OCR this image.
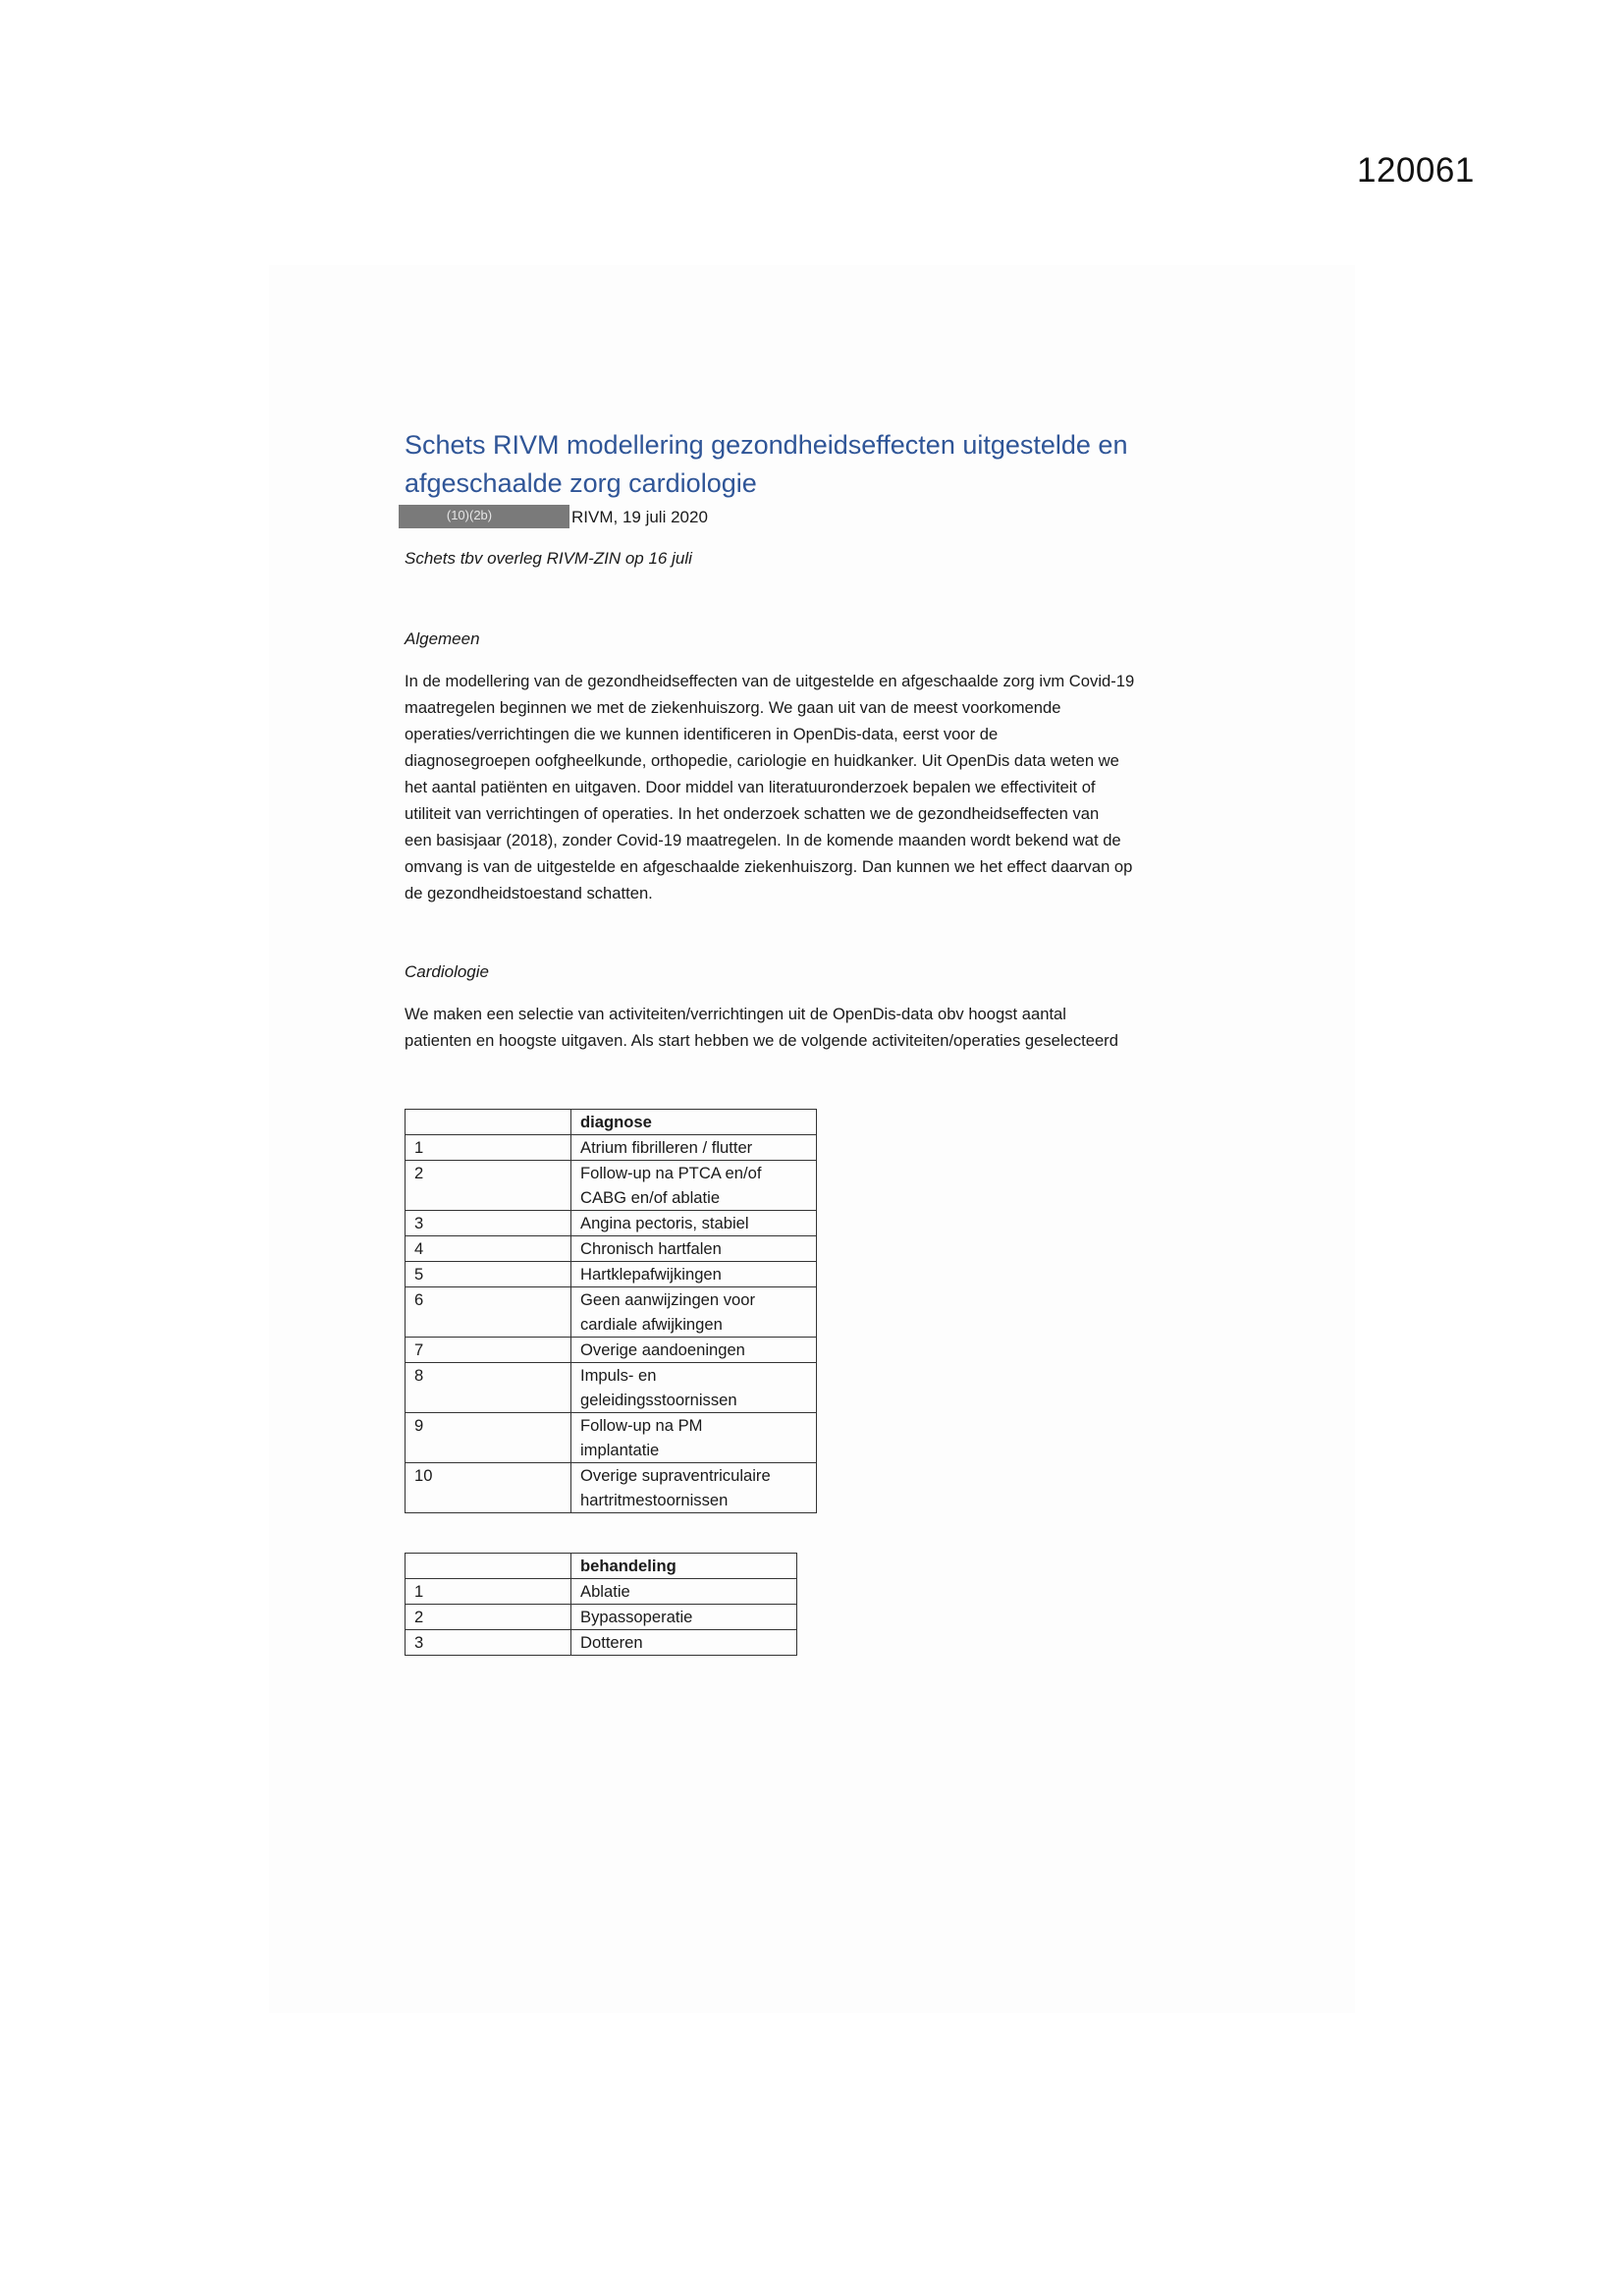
120061
Schets RIVM modellering gezondheidseffecten uitgestelde en
afgeschaalde zorg cardiologie
(10)(2b)	RIVM, 19 juli 2020
Schets tbv overleg RIVM-ZIN op 16 juli
Algemeen
In de modellering van de gezondheidseffecten van de uitgestelde en afgeschaalde zorg ivm Covid-19
maatregelen beginnen we met de ziekenhuiszorg. We gaan uit van de meest voorkomende
operaties/verrichtingen die we kunnen identificeren in OpenDis-data, eerst voor de
diagnosegroepen oofgheelkunde, orthopedie, cariologie en huidkanker. Uit OpenDis data weten we
het aantal patiënten en uitgaven. Door middel van literatuuronderzoek bepalen we effectiviteit of
utiliteit van verrichtingen of operaties. In het onderzoek schatten we de gezondheidseffecten van
een basisjaar (2018), zonder Covid-19 maatregelen. In de komende maanden wordt bekend wat de
omvang is van de uitgestelde en afgeschaalde ziekenhuiszorg. Dan kunnen we het effect daarvan op
de gezondheidstoestand schatten.
Cardiologie
We maken een selectie van activiteiten/verrichtingen uit de OpenDis-data obv hoogst aantal
patienten en hoogste uitgaven. Als start hebben we de volgende activiteiten/operaties geselecteerd
	diagnose
1	Atrium fibrilleren / flutter

2	Follow-up na PTCA en/of
CABG en/of ablatie

3	Angina pectoris, stabiel

4	Chronisch hartfalen

5	Hartklepafwijkingen

6	Geen aanwijzingen voor
cardiale afwijkingen

7	Overige aandoeningen

8	Impuls- en
geleidingsstoornissen

9	Follow-up na PM
implantatie

10	Overige supraventriculaire
hartritmestoornissen
	behandeling
1	Ablatie

2	Bypassoperatie

3	Dotteren
